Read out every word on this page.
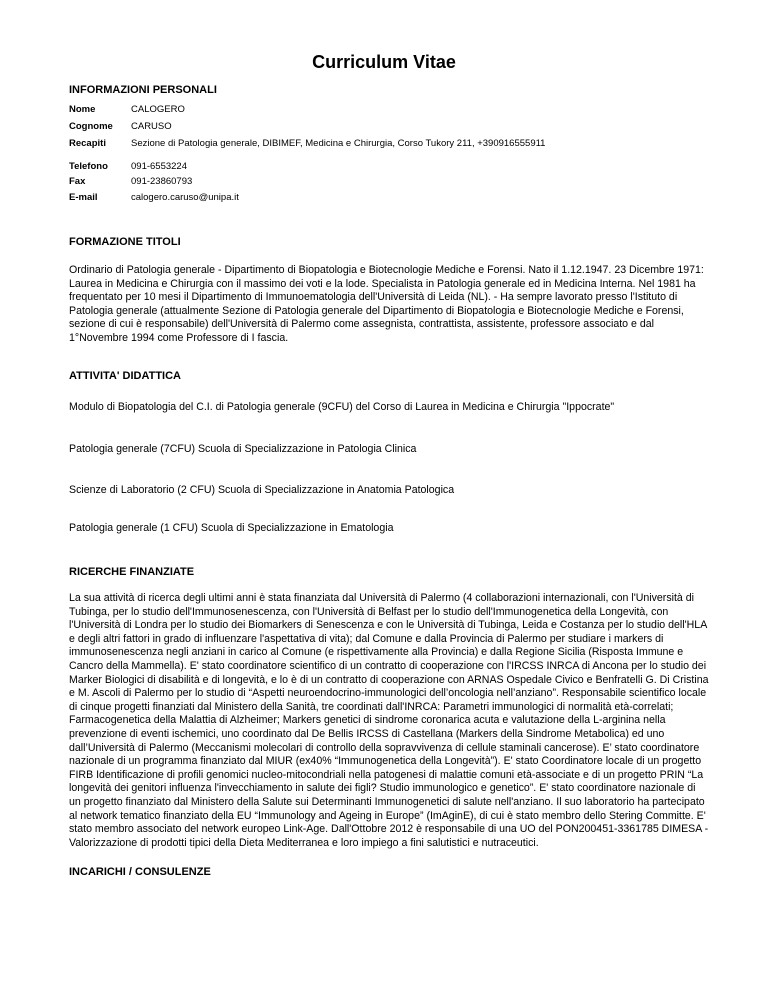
Curriculum Vitae
INFORMAZIONI PERSONALI
Nome	CALOGERO
Cognome CARUSO
Recapiti	Sezione di Patologia generale, DIBIMEF, Medicina e Chirurgia, Corso Tukory 211, +390916555911
Telefono 091-6553224
Fax	091-23860793
E-mail	calogero.caruso@unipa.it
FORMAZIONE TITOLI
Ordinario di Patologia generale - Dipartimento di Biopatologia e Biotecnologie Mediche e Forensi. Nato il 1.12.1947. 23 Dicembre 1971: Laurea in Medicina e Chirurgia con il massimo dei voti e la lode. Specialista in Patologia generale ed in Medicina Interna. Nel 1981 ha frequentato per 10 mesi il Dipartimento di Immunoematologia dell'Università di Leida (NL). - Ha sempre lavorato presso l'Istituto di Patologia generale (attualmente Sezione di Patologia generale del Dipartimento di Biopatologia e Biotecnologie Mediche e Forensi, sezione di cui è responsabile) dell'Università di Palermo come assegnista, contrattista, assistente, professore associato e dal 1°Novembre 1994 come Professore di I fascia.
ATTIVITA' DIDATTICA
Modulo di Biopatologia del C.I. di Patologia generale (9CFU) del Corso di Laurea in Medicina e Chirurgia "Ippocrate"
Patologia generale (7CFU) Scuola di Specializzazione in Patologia Clinica
Scienze di Laboratorio (2 CFU) Scuola di Specializzazione in Anatomia Patologica
Patologia generale (1 CFU) Scuola di Specializzazione in Ematologia
RICERCHE FINANZIATE
La sua attività di ricerca degli ultimi anni è stata finanziata dal Università di Palermo (4 collaborazioni internazionali, con l'Università di Tubinga, per lo studio dell'Immunosenescenza, con l'Università di Belfast per lo studio dell'Immunogenetica della Longevità, con l'Università di Londra per lo studio dei Biomarkers di Senescenza e con le Università di Tubinga, Leida e Costanza per lo studio dell'HLA e degli altri fattori in grado di influenzare l'aspettativa di vita); dal Comune e dalla Provincia di Palermo per studiare i markers di immunosenescenza negli anziani in carico al Comune (e rispettivamente alla Provincia) e dalla Regione Sicilia (Risposta Immune e Cancro della Mammella). E' stato coordinatore scientifico di un contratto di cooperazione con l'IRCSS INRCA di Ancona per lo studio dei Marker Biologici di disabilità e di longevità, e lo è di un contratto di cooperazione con ARNAS Ospedale Civico e Benfratelli G. Di Cristina e M. Ascoli di Palermo per lo studio di “Aspetti neuroendocrino-immunologici dell’oncologia nell’anziano”. Responsabile scientifico locale di cinque progetti finanziati dal Ministero della Sanità, tre coordinati dall'INRCA: Parametri immunologici di normalità età-correlati; Farmacogenetica della Malattia di Alzheimer; Markers genetici di sindrome coronarica acuta e valutazione della L-arginina nella prevenzione di eventi ischemici, uno coordinato dal De Bellis IRCSS di Castellana (Markers della Sindrome Metabolica) ed uno dall’Università di Palermo (Meccanismi molecolari di controllo della sopravvivenza di cellule staminali cancerose). E’ stato coordinatore nazionale di un programma finanziato dal MIUR (ex40% “Immunogenetica della Longevità”). E' stato Coordinatore locale di un progetto FIRB Identificazione di profili genomici nucleo-mitocondriali nella patogenesi di malattie comuni età-associate e di un progetto PRIN “La longevità dei genitori influenza l'invecchiamento in salute dei figli? Studio immunologico e genetico”. E' stato coordinatore nazionale di un progetto finanziato dal Ministero della Salute sui Determinanti Immunogenetici di salute nell'anziano. Il suo laboratorio ha partecipato al network tematico finanziato della EU “Immunology and Ageing in Europe” (ImAginE), di cui è stato membro dello Stering Committe. E' stato membro associato del network europeo Link-Age. Dall'Ottobre 2012 è responsabile di una UO del PON200451-3361785 DIMESA - Valorizzazione di prodotti tipici della Dieta Mediterranea e loro impiego a fini salutistici e nutraceutici.
INCARICHI / CONSULENZE
